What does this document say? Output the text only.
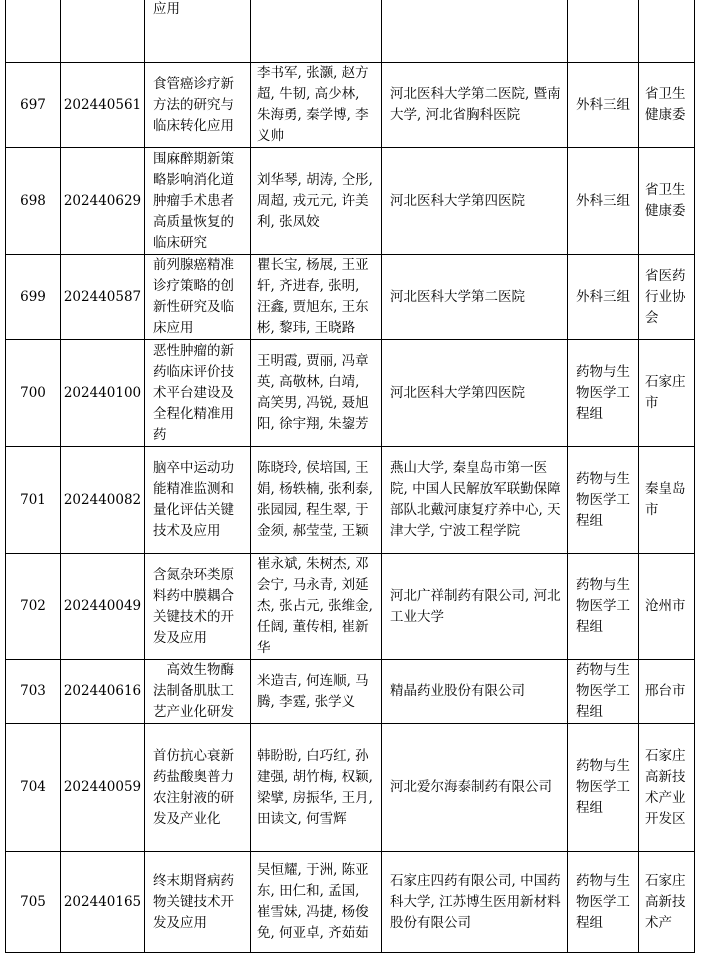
		应用				
697	202440561	食管癌诊疗新方法的研究与临床转化应用	李书军, 张灏, 赵方超, 牛韧, 高少林, 朱海勇, 秦学博, 李义帅	河北医科大学第二医院, 暨南大学, 河北省胸科医院	外科三组	省卫生健康委
698	202440629	围麻醉期新策略影响消化道肿瘤手术患者高质量恢复的临床研究	刘华琴, 胡涛, 仝彤, 周超, 戎元元, 许美利, 张凤姣	河北医科大学第四医院	外科三组	省卫生健康委
699	202440587	前列腺癌精准诊疗策略的创新性研究及临床应用	瞿长宝, 杨展, 王亚轩, 齐进春, 张明, 汪鑫, 贾旭东, 王东彬, 黎玮, 王晓路	河北医科大学第二医院	外科三组	省医药行业协会
700	202440100	恶性肿瘤的新药临床评价技术平台建设及全程化精准用药	王明霞, 贾丽, 冯章英, 高敬林, 白靖, 高笑男, 冯锐, 聂旭阳, 徐宇翔, 朱鋆芳	河北医科大学第四医院	药物与生物医学工程组	石家庄市
701	202440082	脑卒中运动功能精准监测和量化评估关键技术及应用	陈晓玲, 侯培国, 王娟, 杨轶楠, 张利泰, 张园园, 程生翠, 于金须, 郝莹莹, 王颖	燕山大学, 秦皇岛市第一医院, 中国人民解放军联勤保障部队北戴河康复疗养中心, 天津大学, 宁波工程学院	药物与生物医学工程组	秦皇岛市
702	202440049	含氮杂环类原料药中膜耦合关键技术的开发及应用	崔永斌, 朱树杰, 邓会宁, 马永青, 刘延杰, 张占元, 张维金, 任阔, 董传相, 崔新华	河北广祥制药有限公司, 河北工业大学	药物与生物医学工程组	沧州市
703	202440616	高效生物酶法制备肌肽工艺产业化研发	米造吉, 何连顺, 马腾, 李霆, 张学义	精晶药业股份有限公司	药物与生物医学工程组	邢台市
704	202440059	首仿抗心衰新药盐酸奥普力农注射液的研发及产业化	韩盼盼, 白巧红, 孙建强, 胡竹梅, 权颖, 梁擘, 房振华, 王月, 田读文, 何雪辉	河北爱尔海泰制药有限公司	药物与生物医学工程组	石家庄高新技术产业开发区
705	202440165	终末期肾病药物关键技术开发及应用	吴恒耀, 于洲, 陈亚东, 田仁和, 孟国, 崔雪妹, 冯捷, 杨俊免, 何亚卓, 齐茹茹	石家庄四药有限公司, 中国药科大学, 江苏博生医用新材料股份有限公司	药物与生物医学工程组	石家庄高新技术产
